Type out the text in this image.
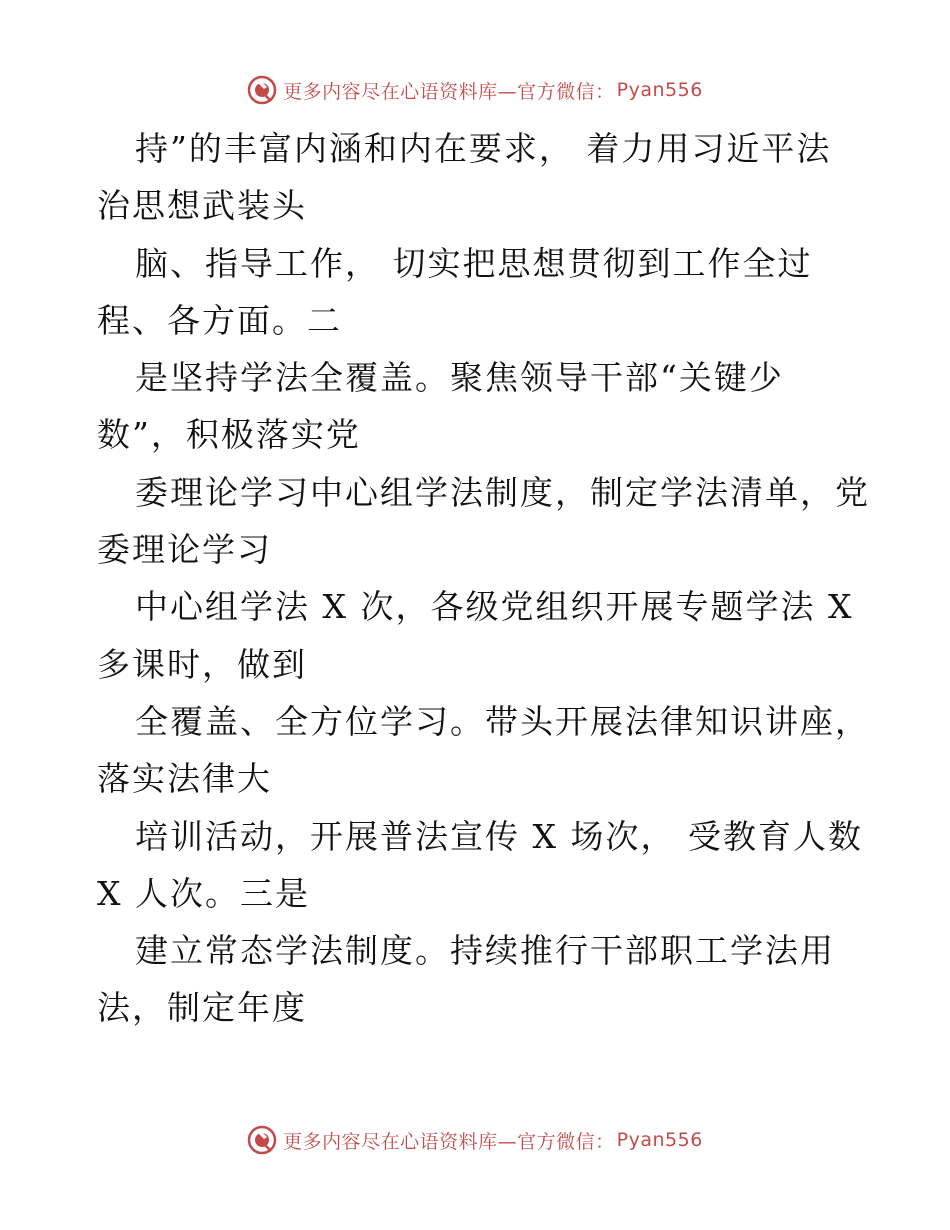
更多内容尽在心语资料库—官方微信： Pyan556
持”的丰富内涵和内在要求， 着力用习近平法
治思想武装头
脑、指导工作， 切实把思想贯彻到工作全过
程、各方面。二
是坚持学法全覆盖。聚焦领导干部“关键少
数”，积极落实党
委理论学习中心组学法制度，制定学法清单，党
委理论学习
中心组学法 X 次，各级党组织开展专题学法 X
多课时，做到
全覆盖、全方位学习。带头开展法律知识讲座，
落实法律大
培训活动，开展普法宣传 X 场次， 受教育人数
X 人次。三是
建立常态学法制度。持续推行干部职工学法用
法，制定年度
更多内容尽在心语资料库—官方微信： Pyan556
